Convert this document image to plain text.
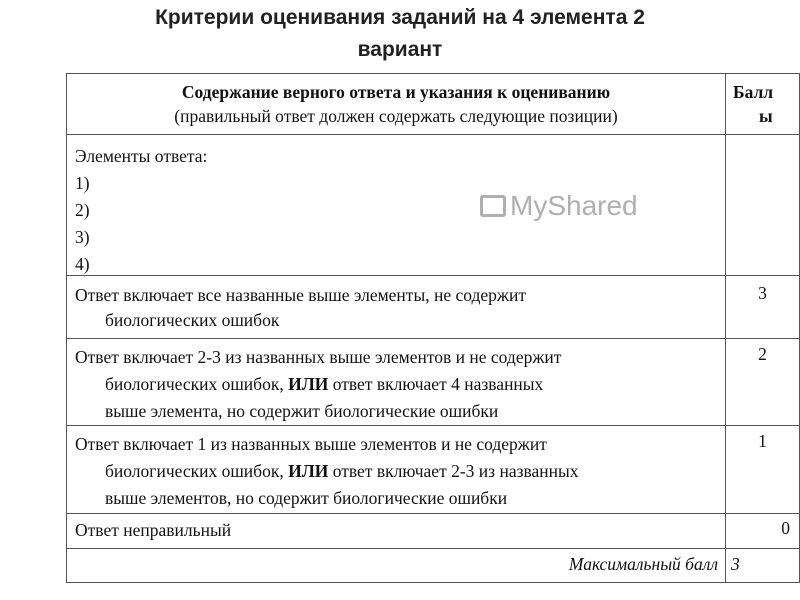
Критерии оценивания заданий на 4 элемента 2
вариант
Содержание верного ответа и указания к оцениванию
(правильный ответ должен содержать следующие позиции)
Балл
ы
Элементы ответа:
1)
2)
3)
4)
Ответ включает все названные выше элементы, не содержит
биологических ошибок
3
Ответ включает 2-3 из названных выше элементов и не содержит
биологических ошибок, ИЛИ ответ включает 4 названных
выше элемента, но содержит биологические ошибки
2
Ответ включает 1 из названных выше элементов и не содержит
биологических ошибок, ИЛИ ответ включает 2-3 из названных
выше элементов, но содержит биологические ошибки
1
Ответ неправильный	0
Максимальный балл 3
MyShared
